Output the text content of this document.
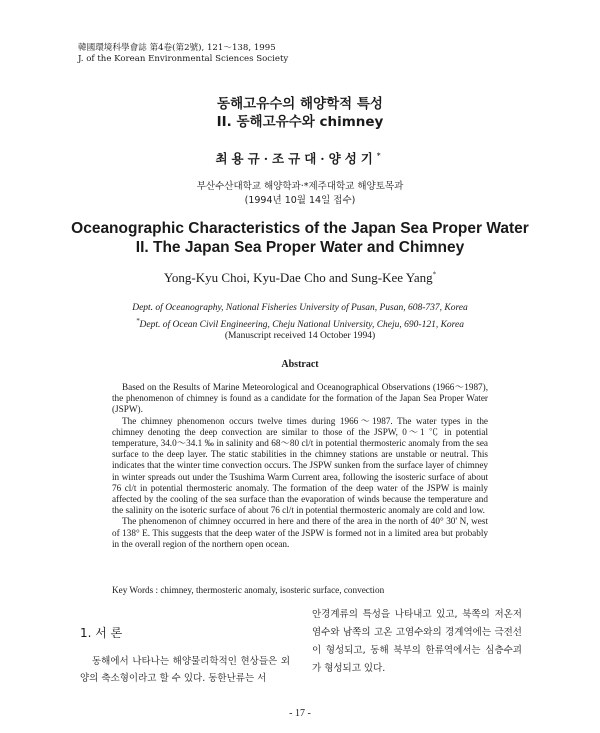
韓國環境科學會誌 第4卷(第2號), 121～138, 1995
J. of the Korean Environmental Sciences Society
동해고유수의 해양학적 특성
II. 동해고유수와 chimney
최용규·조규대·양성기*
부산수산대학교 해양학과·*제주대학교 해양토목과
(1994년 10월 14일 접수)
Oceanographic Characteristics of the Japan Sea Proper Water
II. The Japan Sea Proper Water and Chimney
Yong-Kyu Choi, Kyu-Dae Cho and Sung-Kee Yang*
Dept. of Oceanography, National Fisheries University of Pusan, Pusan, 608-737, Korea
*Dept. of Ocean Civil Engineering, Cheju National University, Cheju, 690-121, Korea
(Manuscript received 14 October 1994)
Abstract

Based on the Results of Marine Meteorological and Oceanographical Observations (1966～1987), the phenomenon of chimney is found as a candidate for the formation of the Japan Sea Proper Water (JSPW).

The chimney phenomenon occurs twelve times during 1966～1987. The water types in the chimney denoting the deep convection are similar to those of the JSPW, 0～1 ℃ in potential temperature, 34.0～34.1 ‰ in salinity and 68～80 cl/t in potential thermosteric anomaly from the sea surface to the deep layer. The static stabilities in the chimney stations are unstable or neutral. This indicates that the winter time convection occurs. The JSPW sunken from the surface layer of chimney in winter spreads out under the Tsushima Warm Current area, following the isosteric surface of about 76 cl/t in potential thermosteric anomaly. The formation of the deep water of the JSPW is mainly affected by the cooling of the sea surface than the evaporation of winds because the temperature and the salinity on the isoteric surface of about 76 cl/t in potential thermosteric anomaly are cold and low.

The phenomenon of chimney occurred in here and there of the area in the north of 40° 30' N, west of 138° E. This suggests that the deep water of the JSPW is formed not in a limited area but probably in the overall region of the northern open ocean.

Key Words : chimney, thermosteric anomaly, isosteric surface, convection
1. 서 론

동해에서 나타나는 해양물리학적인 현상들은 외양의 축소형이라고 할 수 있다. 동한난류는 서

안경계류의 특성을 나타내고 있고, 북쪽의 저온저염수와 남쪽의 고온 고염수와의 경계역에는 극전선이 형성되고, 동해 북부의 한류역에서는 심층수괴가 형성되고 있다.

- 17 -
